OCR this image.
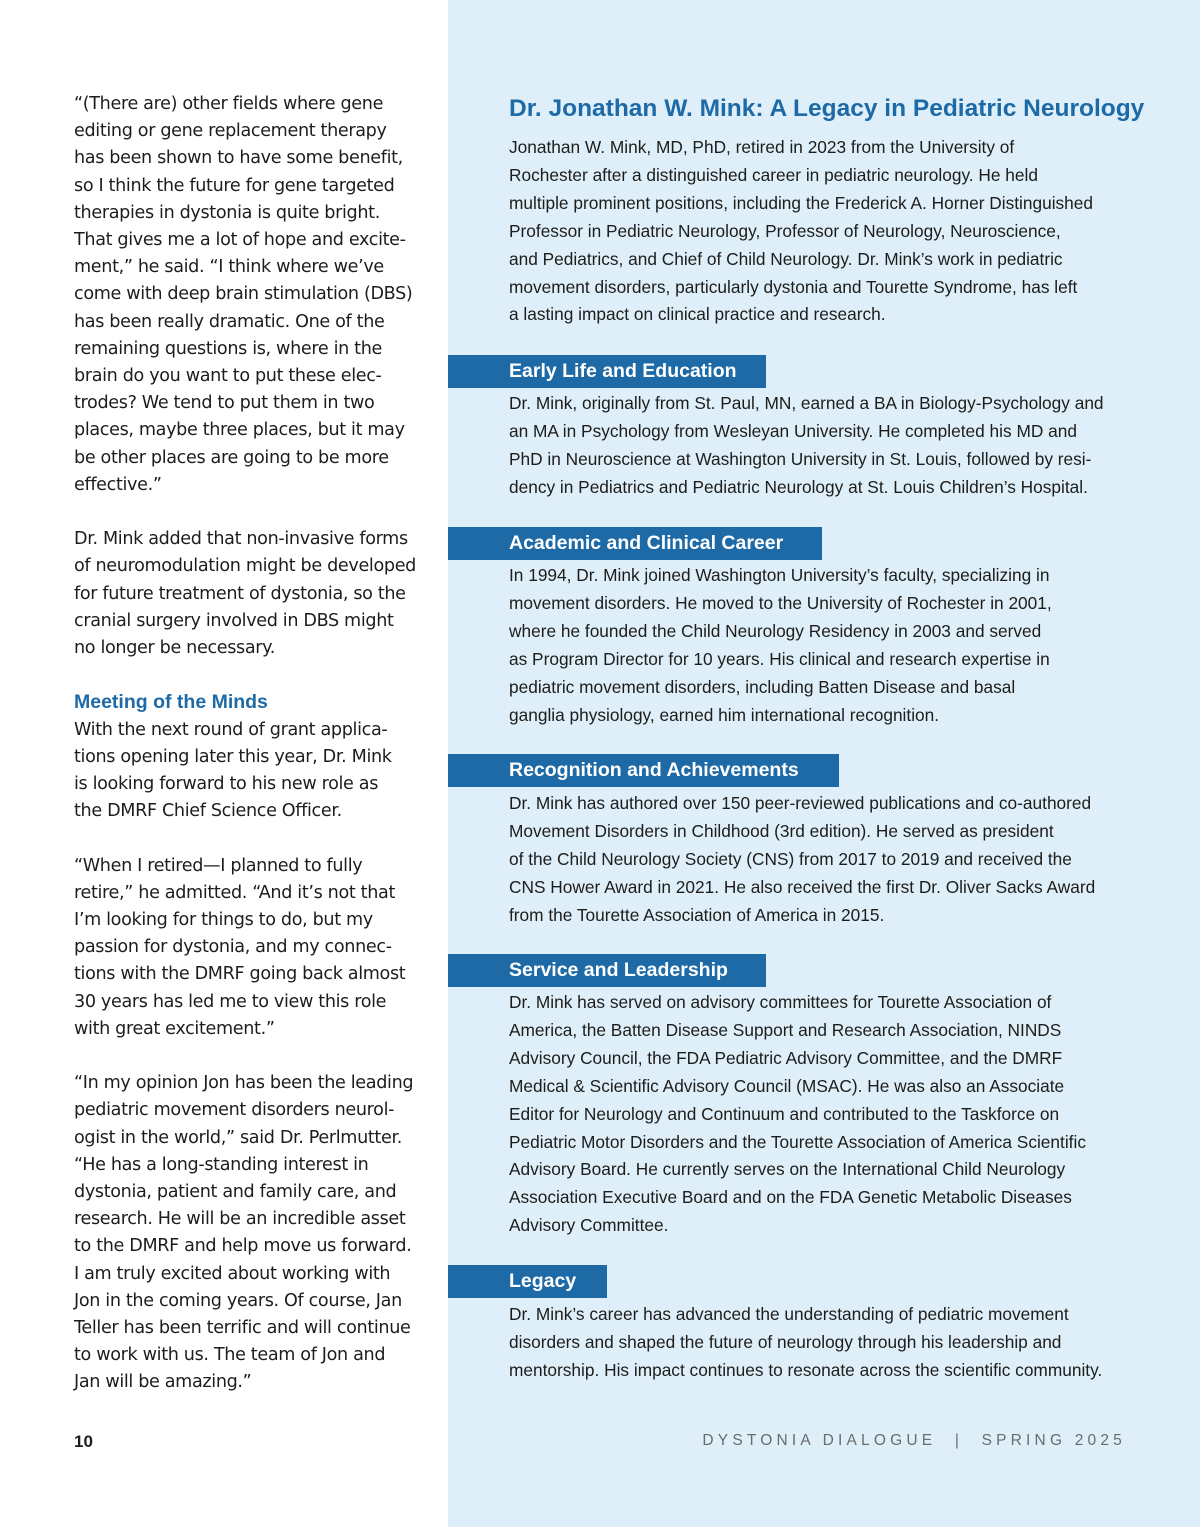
“(There are) other fields where gene
editing or gene replacement therapy
has been shown to have some benefit,
so I think the future for gene targeted
therapies in dystonia is quite bright.
That gives me a lot of hope and excite-
ment,” he said. “I think where we’ve
come with deep brain stimulation (DBS)
has been really dramatic. One of the
remaining questions is, where in the
brain do you want to put these elec-
trodes? We tend to put them in two
places, maybe three places, but it may
be other places are going to be more
effective.”

Dr. Mink added that non-invasive forms
of neuromodulation might be developed
for future treatment of dystonia, so the
cranial surgery involved in DBS might
no longer be necessary.

Meeting of the Minds
With the next round of grant applica-
tions opening later this year, Dr. Mink
is looking forward to his new role as
the DMRF Chief Science Officer.

“When I retired—I planned to fully
retire,” he admitted. “And it’s not that
I’m looking for things to do, but my
passion for dystonia, and my connec-
tions with the DMRF going back almost
30 years has led me to view this role
with great excitement.”

“In my opinion Jon has been the leading
pediatric movement disorders neurol-
ogist in the world,” said Dr. Perlmutter.
“He has a long-standing interest in
dystonia, patient and family care, and
research. He will be an incredible asset
to the DMRF and help move us forward.
I am truly excited about working with
Jon in the coming years. Of course, Jan
Teller has been terrific and will continue
to work with us. The team of Jon and
Jan will be amazing.”

Dr. Jonathan W. Mink: A Legacy in Pediatric Neurology
Jonathan W. Mink, MD, PhD, retired in 2023 from the University of
Rochester after a distinguished career in pediatric neurology. He held
multiple prominent positions, including the Frederick A. Horner Distinguished
Professor in Pediatric Neurology, Professor of Neurology, Neuroscience,
and Pediatrics, and Chief of Child Neurology. Dr. Mink’s work in pediatric
movement disorders, particularly dystonia and Tourette Syndrome, has left
a lasting impact on clinical practice and research.
Dr. Mink, originally from St. Paul, MN, earned a BA in Biology-Psychology and
an MA in Psychology from Wesleyan University. He completed his MD and
PhD in Neuroscience at Washington University in St. Louis, followed by resi-
dency in Pediatrics and Pediatric Neurology at St. Louis Children’s Hospital.
In 1994, Dr. Mink joined Washington University’s faculty, specializing in
movement disorders. He moved to the University of Rochester in 2001,
where he founded the Child Neurology Residency in 2003 and served
as Program Director for 10 years. His clinical and research expertise in
pediatric movement disorders, including Batten Disease and basal
ganglia physiology, earned him international recognition.
Dr. Mink has authored over 150 peer-reviewed publications and co-authored
Movement Disorders in Childhood (3rd edition). He served as president
of the Child Neurology Society (CNS) from 2017 to 2019 and received the
CNS Hower Award in 2021. He also received the first Dr. Oliver Sacks Award
from the Tourette Association of America in 2015.
Dr. Mink has served on advisory committees for Tourette Association of
America, the Batten Disease Support and Research Association, NINDS
Advisory Council, the FDA Pediatric Advisory Committee, and the DMRF
Medical & Scientific Advisory Council (MSAC). He was also an Associate
Editor for Neurology and Continuum and contributed to the Taskforce on
Pediatric Motor Disorders and the Tourette Association of America Scientific
Advisory Board. He currently serves on the International Child Neurology
Association Executive Board and on the FDA Genetic Metabolic Diseases
Advisory Committee.
Dr. Mink’s career has advanced the understanding of pediatric movement
disorders and shaped the future of neurology through his leadership and
mentorship. His impact continues to resonate across the scientific community.
Early Life and Education
Academic and Clinical Career
Recognition and Achievements
Service and Leadership
Legacy
10	DYSTONIA DIALOGUE | SPRING 2025
